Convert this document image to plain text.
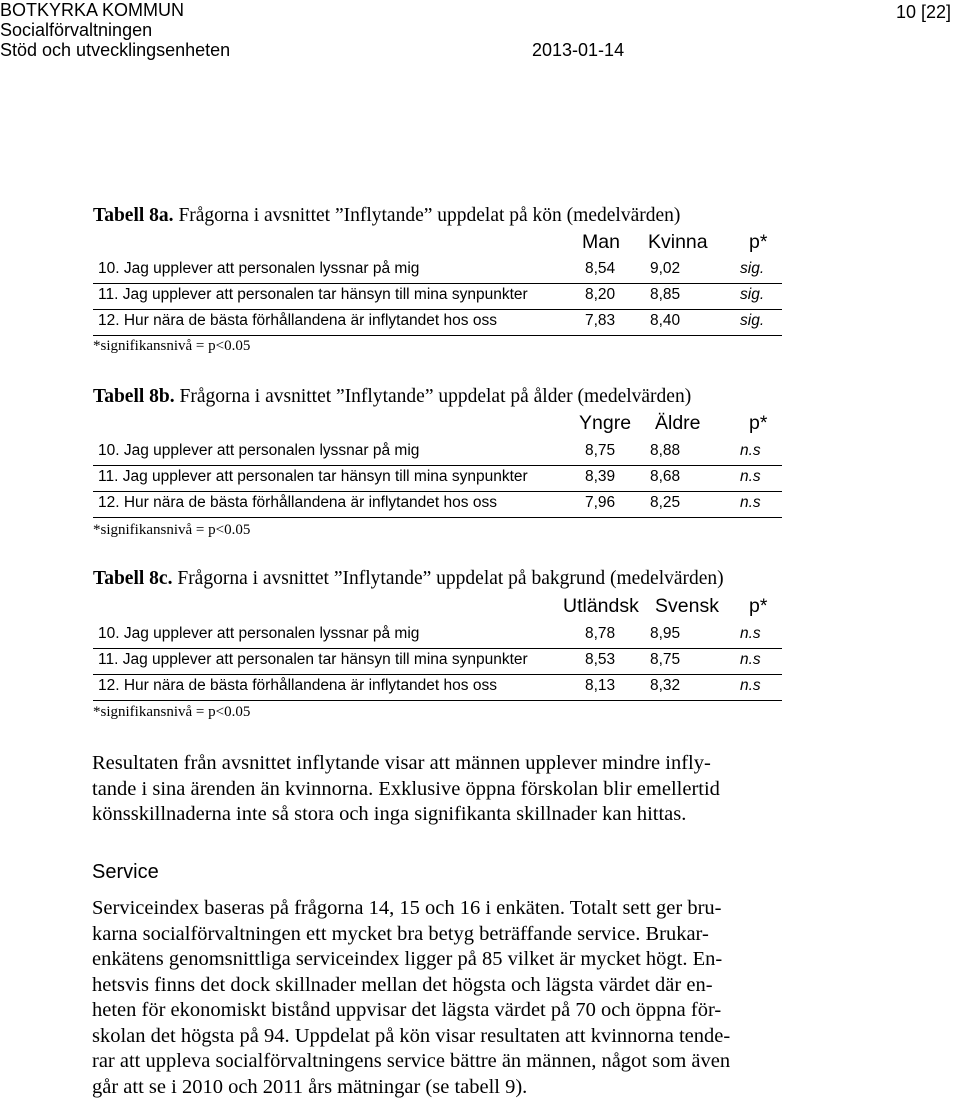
BOTKYRKA KOMMUN
Socialförvaltningen
Stöd och utvecklingsenheten	2013-01-14
10 [22]
Tabell 8a. Frågorna i avsnittet ”Inflytande” uppdelat på kön (medelvärden)
Man Kvinna p*
10. Jag upplever att personalen lyssnar på mig	8,54 9,02	sig.
11. Jag upplever att personalen tar hänsyn till mina synpunkter	8,20 8,85	sig.
12. Hur nära de bästa förhållandena är inflytandet hos oss	7,83 8,40	sig.
*signifikansnivå = p<0.05
Tabell 8b. Frågorna i avsnittet ”Inflytande” uppdelat på ålder (medelvärden)
Yngre Äldre p*
10. Jag upplever att personalen lyssnar på mig	8,75 8,88	n.s
11. Jag upplever att personalen tar hänsyn till mina synpunkter	8,39 8,68	n.s
12. Hur nära de bästa förhållandena är inflytandet hos oss	7,96 8,25	n.s
*signifikansnivå = p<0.05
Tabell 8c. Frågorna i avsnittet ”Inflytande” uppdelat på bakgrund (medelvärden)
Utländsk Svensk p*
10. Jag upplever att personalen lyssnar på mig	8,78 8,95	n.s
11. Jag upplever att personalen tar hänsyn till mina synpunkter	8,53 8,75	n.s
12. Hur nära de bästa förhållandena är inflytandet hos oss	8,13 8,32	n.s
*signifikansnivå = p<0.05
Resultaten från avsnittet inflytande visar att männen upplever mindre infly-
tande i sina ärenden än kvinnorna. Exklusive öppna förskolan blir emellertid
könsskillnaderna inte så stora och inga signifikanta skillnader kan hittas.
Service
Serviceindex baseras på frågorna 14, 15 och 16 i enkäten. Totalt sett ger bru-
karna socialförvaltningen ett mycket bra betyg beträffande service. Brukar-
enkätens genomsnittliga serviceindex ligger på 85 vilket är mycket högt. En-
hetsvis finns det dock skillnader mellan det högsta och lägsta värdet där en-
heten för ekonomiskt bistånd uppvisar det lägsta värdet på 70 och öppna för-
skolan det högsta på 94. Uppdelat på kön visar resultaten att kvinnorna tende-
rar att uppleva socialförvaltningens service bättre än männen, något som även
går att se i 2010 och 2011 års mätningar (se tabell 9).
